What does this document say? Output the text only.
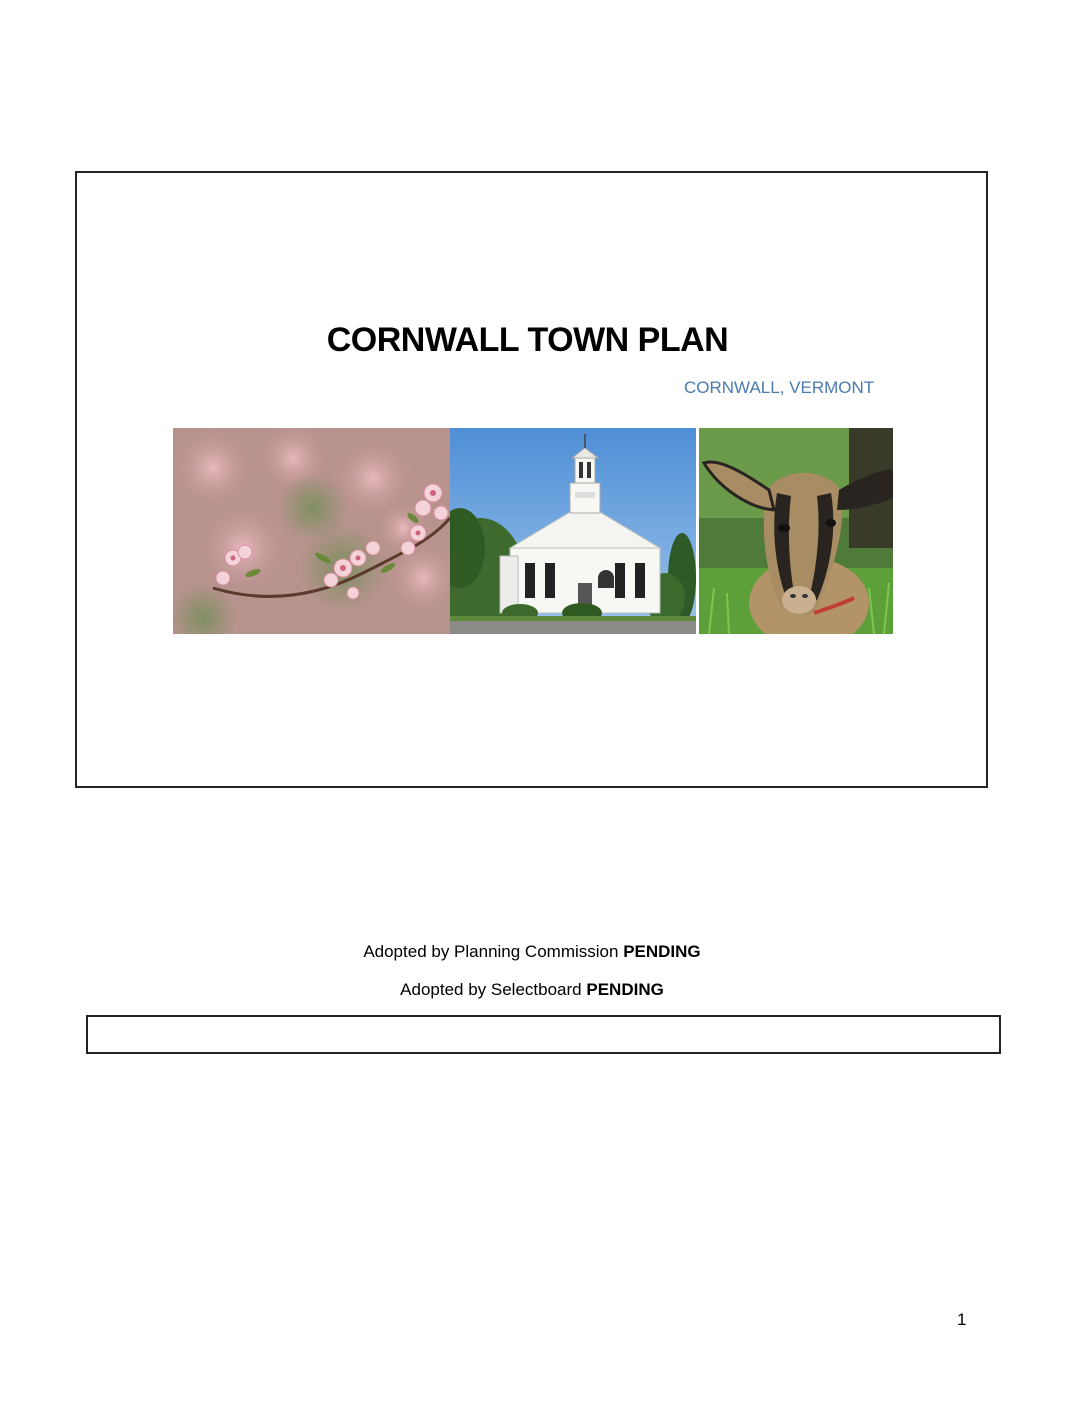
CORNWALL TOWN PLAN
CORNWALL, VERMONT
Adopted by Planning Commission PENDING
Adopted by Selectboard PENDING
1
